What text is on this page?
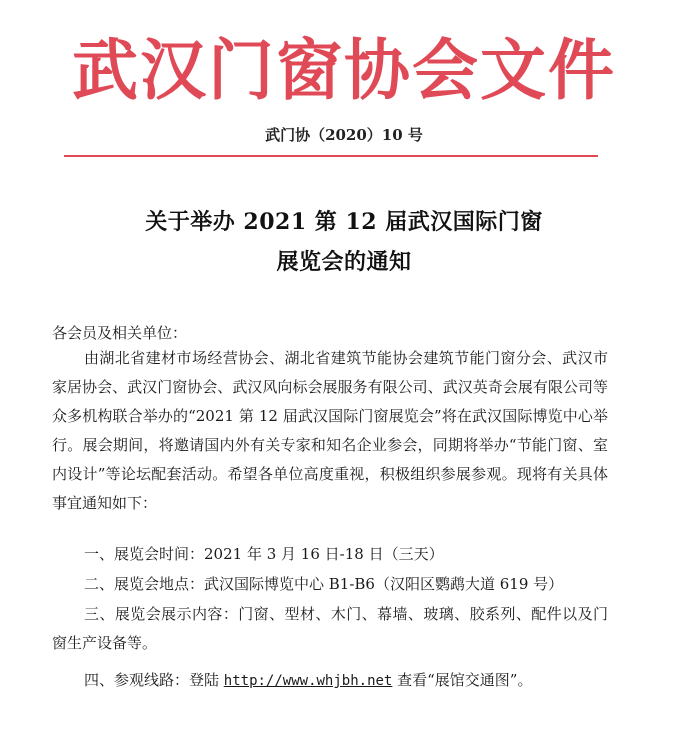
武汉门窗协会文件
武门协（2020）10 号
关于举办 2021 第 12 届武汉国际门窗
展览会的通知
各会员及相关单位：
由湖北省建材市场经营协会、湖北省建筑节能协会建筑节能门窗分会、武汉市家居协会、武汉门窗协会、武汉风向标会展服务有限公司、武汉英奇会展有限公司等众多机构联合举办的“2021 第 12 届武汉国际门窗展览会”将在武汉国际博览中心举行。展会期间，将邀请国内外有关专家和知名企业参会，同期将举办“节能门窗、室内设计”等论坛配套活动。希望各单位高度重视，积极组织参展参观。现将有关具体事宜通知如下：
一、展览会时间：2021 年 3 月 16 日-18 日（三天）
二、展览会地点：武汉国际博览中心 B1-B6（汉阳区鹦鹉大道 619 号）
三、展览会展示内容：门窗、型材、木门、幕墙、玻璃、胶系列、配件以及门窗生产设备等。
四、参观线路：登陆 http://www.whjbh.net 查看“展馆交通图”。
